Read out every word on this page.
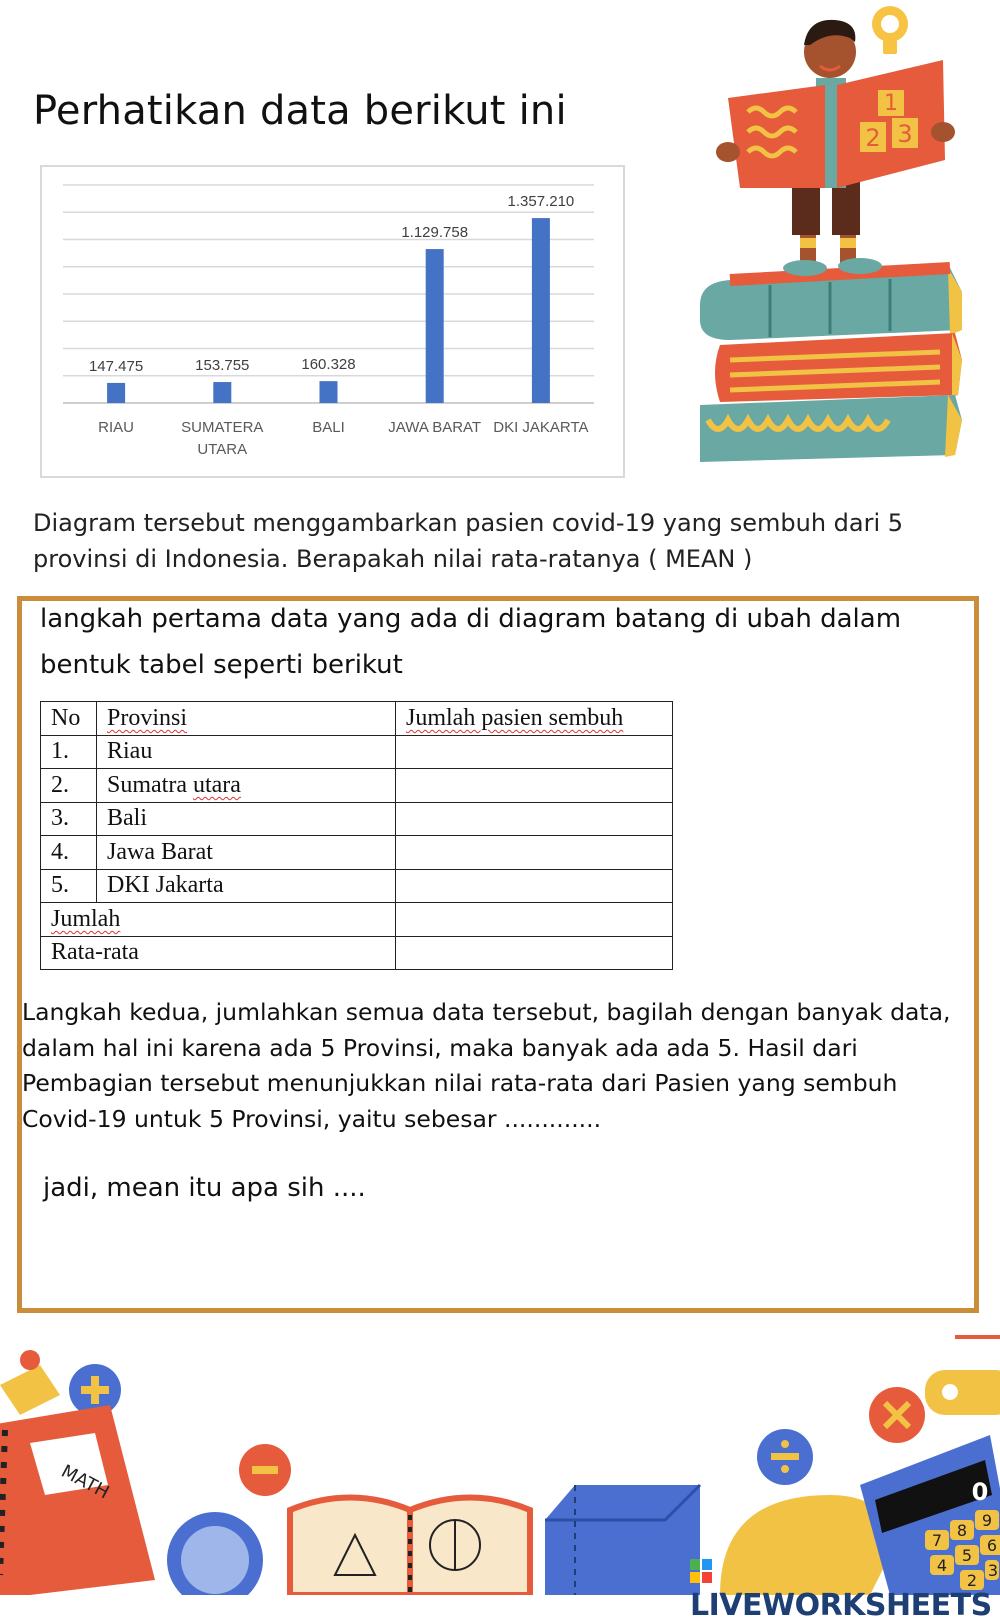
Perhatikan data berikut ini
147.475
RIAU
153.755
SUMATERA
UTARA
160.328
BALI
1.129.758
JAWA BARAT
1.357.210
DKI JAKARTA
1
2 3

Diagram tersebut menggambarkan pasien covid-19 yang sembuh dari 5 provinsi di Indonesia. Berapakah nilai rata-ratanya ( MEAN )

langkah pertama data yang ada di diagram batang di ubah dalam

bentuk tabel seperti berikut

No	Provinsi	Jumlah pasien sembuh
1.	Riau	
2.	Sumatra utara	
3.	Bali	
4.	Jawa Barat	
5.	DKI Jakarta	
Jumlah		
Rata-rata		

Langkah kedua, jumlahkan semua data tersebut, bagilah dengan banyak data, dalam hal ini karena ada 5 Provinsi, maka banyak ada ada 5. Hasil dari Pembagian tersebut menunjukkan nilai rata-rata dari Pasien yang sembuh Covid-19 untuk 5 Provinsi, yaitu sebesar .............

jadi, mean itu apa sih ....

MATH	0
7
8
9
4
5
6
2
3
LIVEWORKSHEETS
